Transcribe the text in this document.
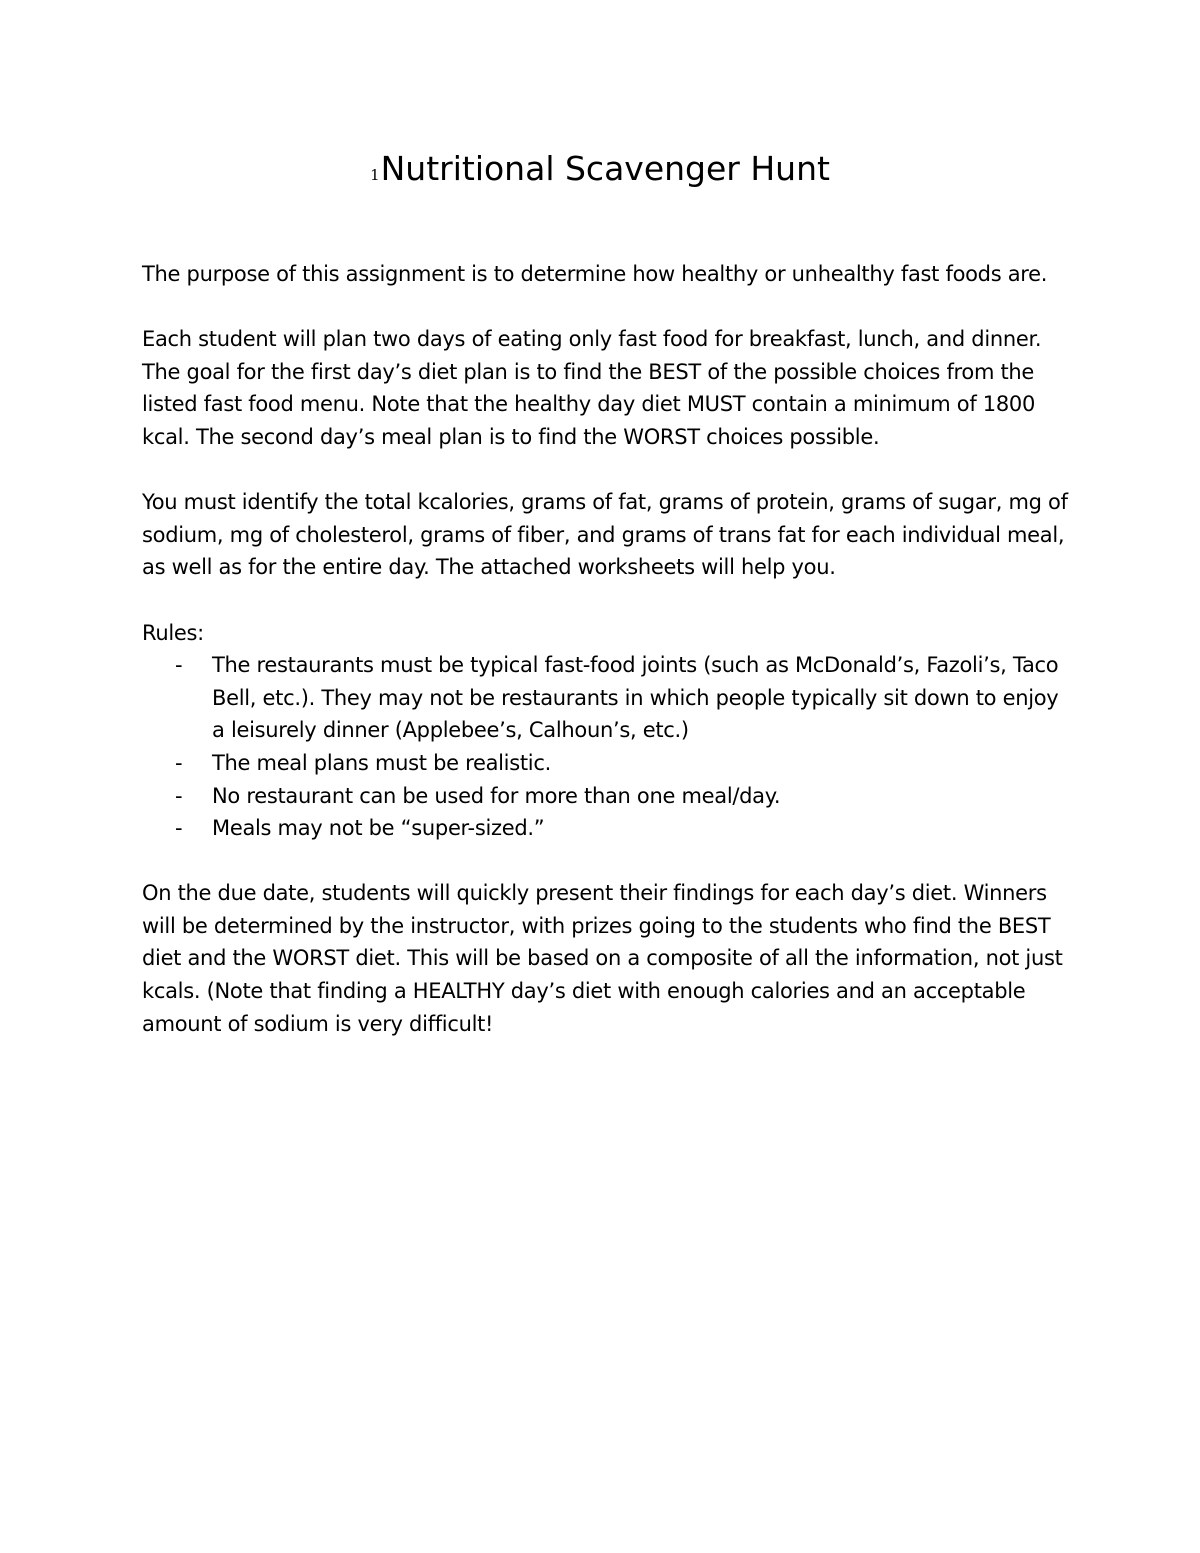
1Nutritional Scavenger Hunt

The purpose of this assignment is to determine how healthy or unhealthy fast foods are.

Each student will plan two days of eating only fast food for breakfast, lunch, and dinner. The goal for the first day’s diet plan is to find the BEST of the possible choices from the listed fast food menu. Note that the healthy day diet MUST contain a minimum of 1800 kcal. The second day’s meal plan is to find the WORST choices possible.

You must identify the total kcalories, grams of fat, grams of protein, grams of sugar, mg of sodium, mg of cholesterol, grams of fiber, and grams of trans fat for each individual meal, as well as for the entire day. The attached worksheets will help you.

Rules:

- The restaurants must be typical fast-food joints (such as McDonald’s, Fazoli’s, Taco Bell, etc.). They may not be restaurants in which people typically sit down to enjoy a leisurely dinner (Applebee’s, Calhoun’s, etc.)
- The meal plans must be realistic.
- No restaurant can be used for more than one meal/day.
- Meals may not be “super-sized.”

On the due date, students will quickly present their findings for each day’s diet. Winners will be determined by the instructor, with prizes going to the students who find the BEST diet and the WORST diet. This will be based on a composite of all the information, not just kcals. (Note that finding a HEALTHY day’s diet with enough calories and an acceptable amount of sodium is very difficult!
